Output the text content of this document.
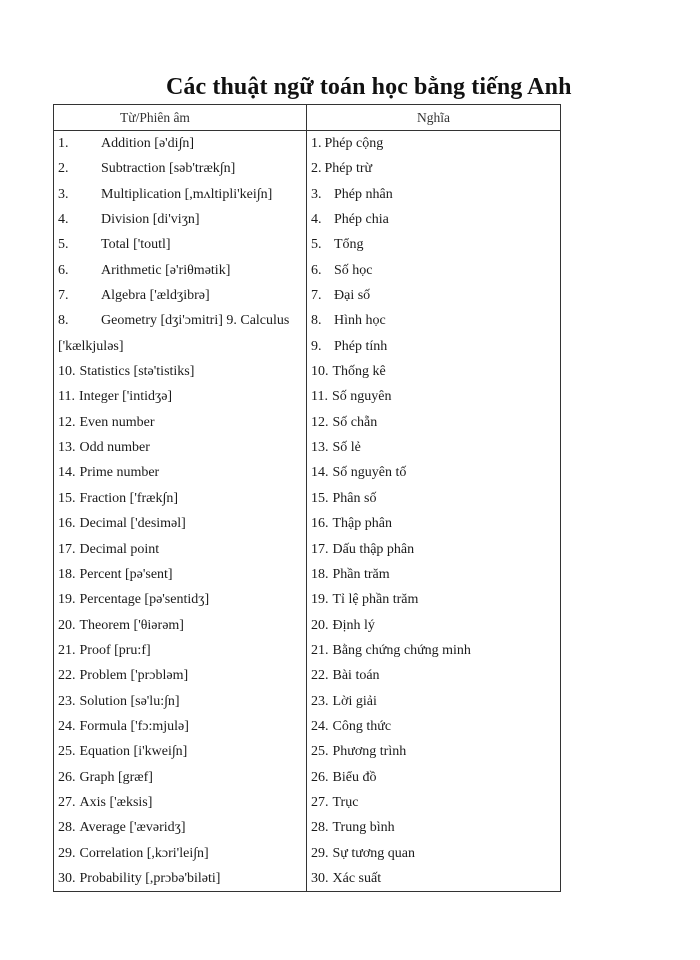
Các thuật ngữ toán học bằng tiếng Anh
Từ/Phiên âm	Nghĩa
1. Addition [ə'di∫n]	1. Phép cộng
2. Subtraction [səb'træk∫n]	2. Phép trừ
3. Multiplication [,mʌltipli'kei∫n]	3. Phép nhân
4. Division [di'viʒn]	4. Phép chia
5. Total ['toutl]	5. Tổng
6. Arithmetic [ə'riθmətik]	6. Số học
7. Algebra ['ældʒibrə]	7. Đại số
8. Geometry [dʒi'ɔmitri] 9. Calculus	8. Hình học
['kælkjuləs]	9. Phép tính
10. Statistics [stə'tistiks]	10. Thống kê
11. Integer ['intidʒə]	11. Số nguyên
12. Even number	12. Số chẵn
13. Odd number	13. Số lẻ
14. Prime number	14. Số nguyên tố
15. Fraction ['fræk∫n]	15. Phân số
16. Decimal ['desiməl]	16. Thập phân
17. Decimal point	17. Dấu thập phân
18. Percent [pə'sent]	18. Phần trăm
19. Percentage [pə'sentidʒ]	19. Tỉ lệ phần trăm
20. Theorem ['θiərəm]	20. Định lý
21. Proof [pru:f]	21. Bằng chứng chứng minh
22. Problem ['prɔbləm]	22. Bài toán
23. Solution [sə'lu:∫n]	23. Lời giải
24. Formula ['fɔ:mjulə]	24. Công thức
25. Equation [i'kwei∫n]	25. Phương trình
26. Graph [græf]	26. Biểu đồ
27. Axis ['æksis]	27. Trục
28. Average ['ævəridʒ]	28. Trung bình
29. Correlation [,kɔri'lei∫n]	29. Sự tương quan
30. Probability [,prɔbə'biləti]	30. Xác suất
